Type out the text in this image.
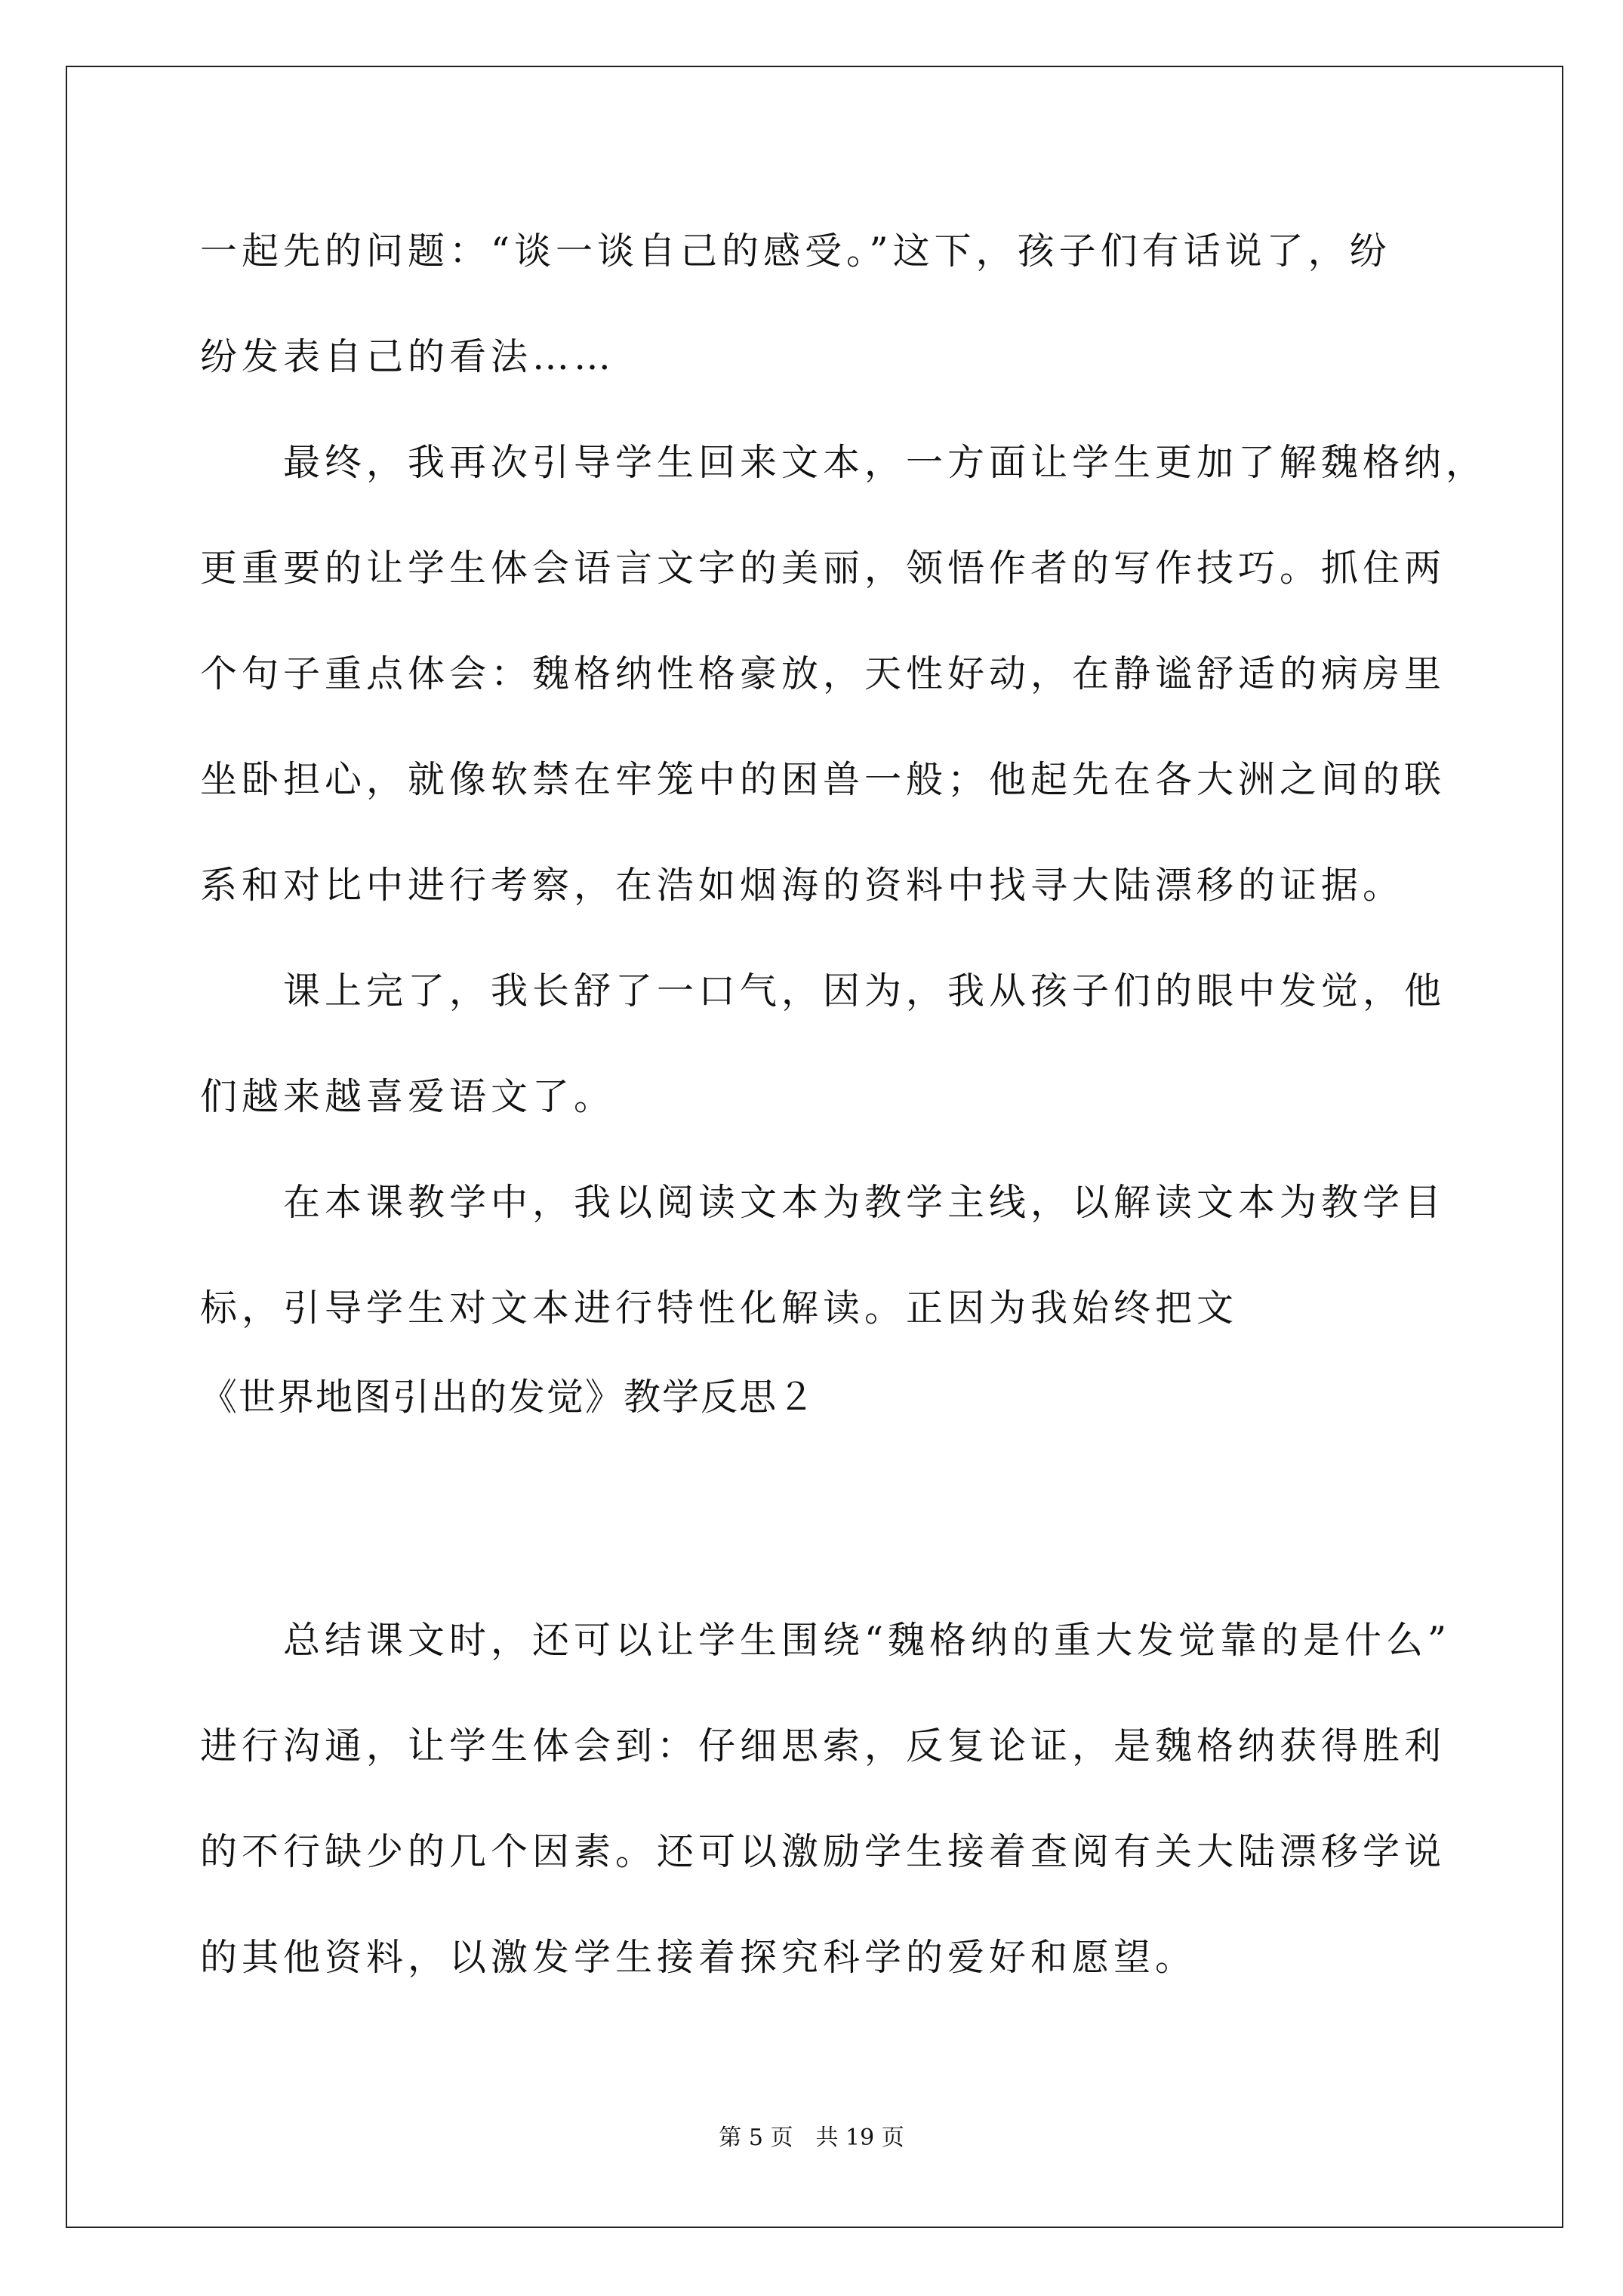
一起先的问题：“谈一谈自己的感受。”这下，孩子们有话说了，纷
纷发表自己的看法……
最终，我再次引导学生回来文本，一方面让学生更加了解魏格纳，
更重要的让学生体会语言文字的美丽，领悟作者的写作技巧。抓住两
个句子重点体会：魏格纳性格豪放，天性好动，在静谧舒适的病房里
坐卧担心，就像软禁在牢笼中的困兽一般；他起先在各大洲之间的联
系和对比中进行考察，在浩如烟海的资料中找寻大陆漂移的证据。
课上完了，我长舒了一口气，因为，我从孩子们的眼中发觉，他
们越来越喜爱语文了。
在本课教学中，我以阅读文本为教学主线，以解读文本为教学目
标，引导学生对文本进行特性化解读。正因为我始终把文
《世界地图引出的发觉》教学反思２
总结课文时，还可以让学生围绕“魏格纳的重大发觉靠的是什么”
进行沟通，让学生体会到：仔细思索，反复论证，是魏格纳获得胜利
的不行缺少的几个因素。还可以激励学生接着查阅有关大陆漂移学说
的其他资料，以激发学生接着探究科学的爱好和愿望。
第 5 页　共 19 页
